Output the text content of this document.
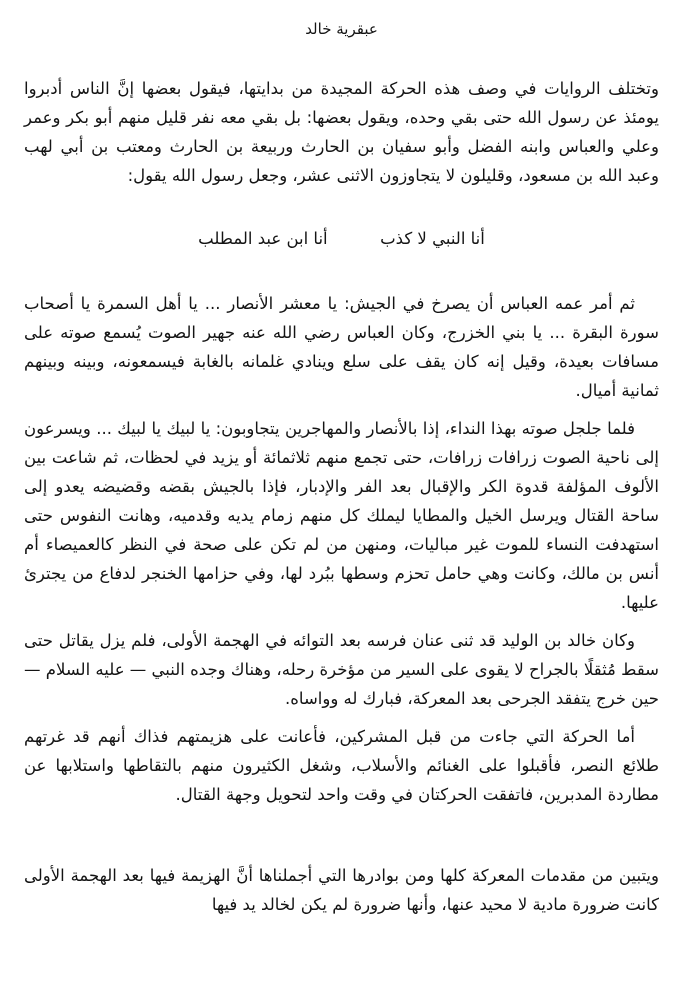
عبقرية خالد

وتختلف الروايات في وصف هذه الحركة المجيدة من بدايتها، فيقول بعضها إنَّ الناس أدبروا يومئذ عن رسول الله حتى بقي وحده، ويقول بعضها: بل بقي معه نفر قليل منهم أبو بكر وعمر وعلي والعباس وابنه الفضل وأبو سفيان بن الحارث وربيعة بن الحارث ومعتب بن أبي لهب وعبد الله بن مسعود، وقليلون لا يتجاوزون الاثنى عشر، وجعل رسول الله يقول:

أنا النبي لا كذب  أنا ابن عبد المطلب

ثم أمر عمه العباس أن يصرخ في الجيش: يا معشر الأنصار ... يا أهل السمرة يا أصحاب سورة البقرة ... يا بني الخزرج، وكان العباس رضي الله عنه جهير الصوت يُسمع صوته على مسافات بعيدة، وقيل إنه كان يقف على سلع وينادي غلمانه بالغابة فيسمعونه، وبينه وبينهم ثمانية أميال.

فلما جلجل صوته بهذا النداء، إذا بالأنصار والمهاجرين يتجاوبون: يا لبيك يا لبيك ... ويسرعون إلى ناحية الصوت زرافات زرافات، حتى تجمع منهم ثلاثمائة أو يزيد في لحظات، ثم شاعت بين الألوف المؤلفة قدوة الكر والإقبال بعد الفر والإدبار، فإذا بالجيش بقضه وقضيضه يعدو إلى ساحة القتال ويرسل الخيل والمطايا ليملك كل منهم زمام يديه وقدميه، وهانت النفوس حتى استهدفت النساء للموت غير مباليات، ومنهن من لم تكن على صحة في النظر كالعميصاء أم أنس بن مالك، وكانت وهي حامل تحزم وسطها ببُرد لها، وفي حزامها الخنجر لدفاع من يجترئ عليها.

وكان خالد بن الوليد قد ثنى عنان فرسه بعد التوائه في الهجمة الأولى، فلم يزل يقاتل حتى سقط مُثقلًا بالجراح لا يقوى على السير من مؤخرة رحله، وهناك وجده النبي — عليه السلام — حين خرج يتفقد الجرحى بعد المعركة، فبارك له وواساه.

أما الحركة التي جاءت من قبل المشركين، فأعانت على هزيمتهم فذاك أنهم قد غرتهم طلائع النصر، فأقبلوا على الغنائم والأسلاب، وشغل الكثيرون منهم بالتقاطها واستلابها عن مطاردة المدبرين، فاتفقت الحركتان في وقت واحد لتحويل وجهة القتال.

ويتبين من مقدمات المعركة كلها ومن بوادرها التي أجملناها أنَّ الهزيمة فيها بعد الهجمة الأولى كانت ضرورة مادية لا محيد عنها، وأنها ضرورة لم يكن لخالد يد فيها
